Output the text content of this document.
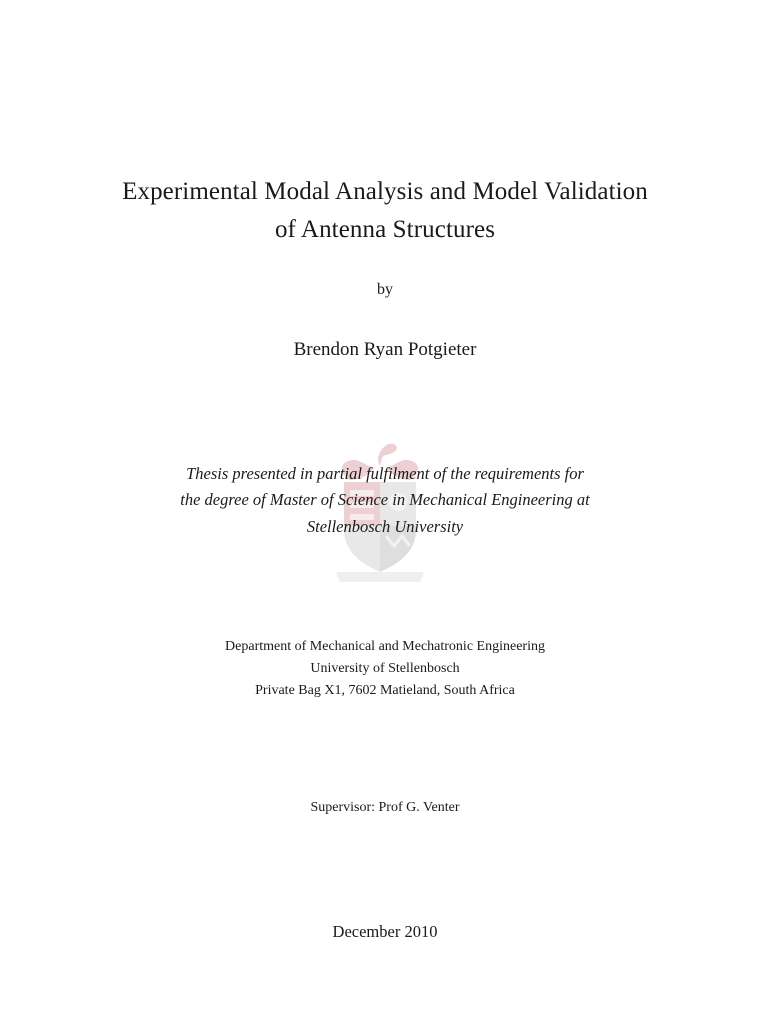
Experimental Modal Analysis and Model Validation
of Antenna Structures
by
Brendon Ryan Potgieter
Thesis presented in partial fulfilment of the requirements for
the degree of Master of Science in Mechanical Engineering at
Stellenbosch University
Department of Mechanical and Mechatronic Engineering
University of Stellenbosch
Private Bag X1, 7602 Matieland, South Africa
Supervisor: Prof G. Venter
December 2010
